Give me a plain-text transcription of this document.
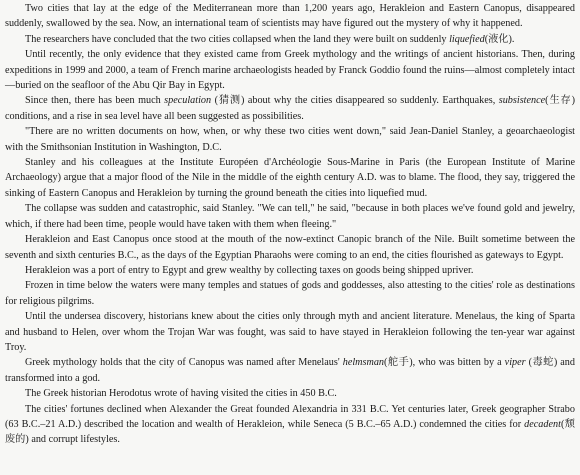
Two cities that lay at the edge of the Mediterranean more than 1,200 years ago, Herakleion and Eastern Canopus, disappeared suddenly, swallowed by the sea. Now, an international team of scientists may have figured out the mystery of why it happened.

The researchers have concluded that the two cities collapsed when the land they were built on suddenly liquefied(液化).

Until recently, the only evidence that they existed came from Greek mythology and the writings of ancient historians. Then, during expeditions in 1999 and 2000, a team of French marine archaeologists headed by Franck Goddio found the ruins—almost completely intact—buried on the seafloor of the Abu Qir Bay in Egypt.

Since then, there has been much speculation (猜测) about why the cities disappeared so suddenly. Earthquakes, subsistence(生存) conditions, and a rise in sea level have all been suggested as possibilities.

"There are no written documents on how, when, or why these two cities went down," said Jean-Daniel Stanley, a geoarchaeologist with the Smithsonian Institution in Washington, D.C.

Stanley and his colleagues at the Institute Européen d'Archéologie Sous-Marine in Paris (the European Institute of Marine Archaeology) argue that a major flood of the Nile in the middle of the eighth century A.D. was to blame. The flood, they say, triggered the sinking of Eastern Canopus and Herakleion by turning the ground beneath the cities into liquefied mud.

The collapse was sudden and catastrophic, said Stanley. "We can tell," he said, "because in both places we've found gold and jewelry, which, if there had been time, people would have taken with them when fleeing."

Herakleion and East Canopus once stood at the mouth of the now-extinct Canopic branch of the Nile. Built sometime between the seventh and sixth centuries B.C., as the days of the Egyptian Pharaohs were coming to an end, the cities flourished as gateways to Egypt.

Herakleion was a port of entry to Egypt and grew wealthy by collecting taxes on goods being shipped upriver.

Frozen in time below the waters were many temples and statues of gods and goddesses, also attesting to the cities' role as destinations for religious pilgrims.

Until the undersea discovery, historians knew about the cities only through myth and ancient literature. Menelaus, the king of Sparta and husband to Helen, over whom the Trojan War was fought, was said to have stayed in Herakleion following the ten-year war against Troy.

Greek mythology holds that the city of Canopus was named after Menelaus' helmsman(舵手), who was bitten by a viper (毒蛇) and transformed into a god.

The Greek historian Herodotus wrote of having visited the cities in 450 B.C.

The cities' fortunes declined when Alexander the Great founded Alexandria in 331 B.C. Yet centuries later, Greek geographer Strabo (63 B.C.–21 A.D.) described the location and wealth of Herakleion, while Seneca (5 B.C.–65 A.D.) condemned the cities for decadent(颓废的) and corrupt lifestyles.
